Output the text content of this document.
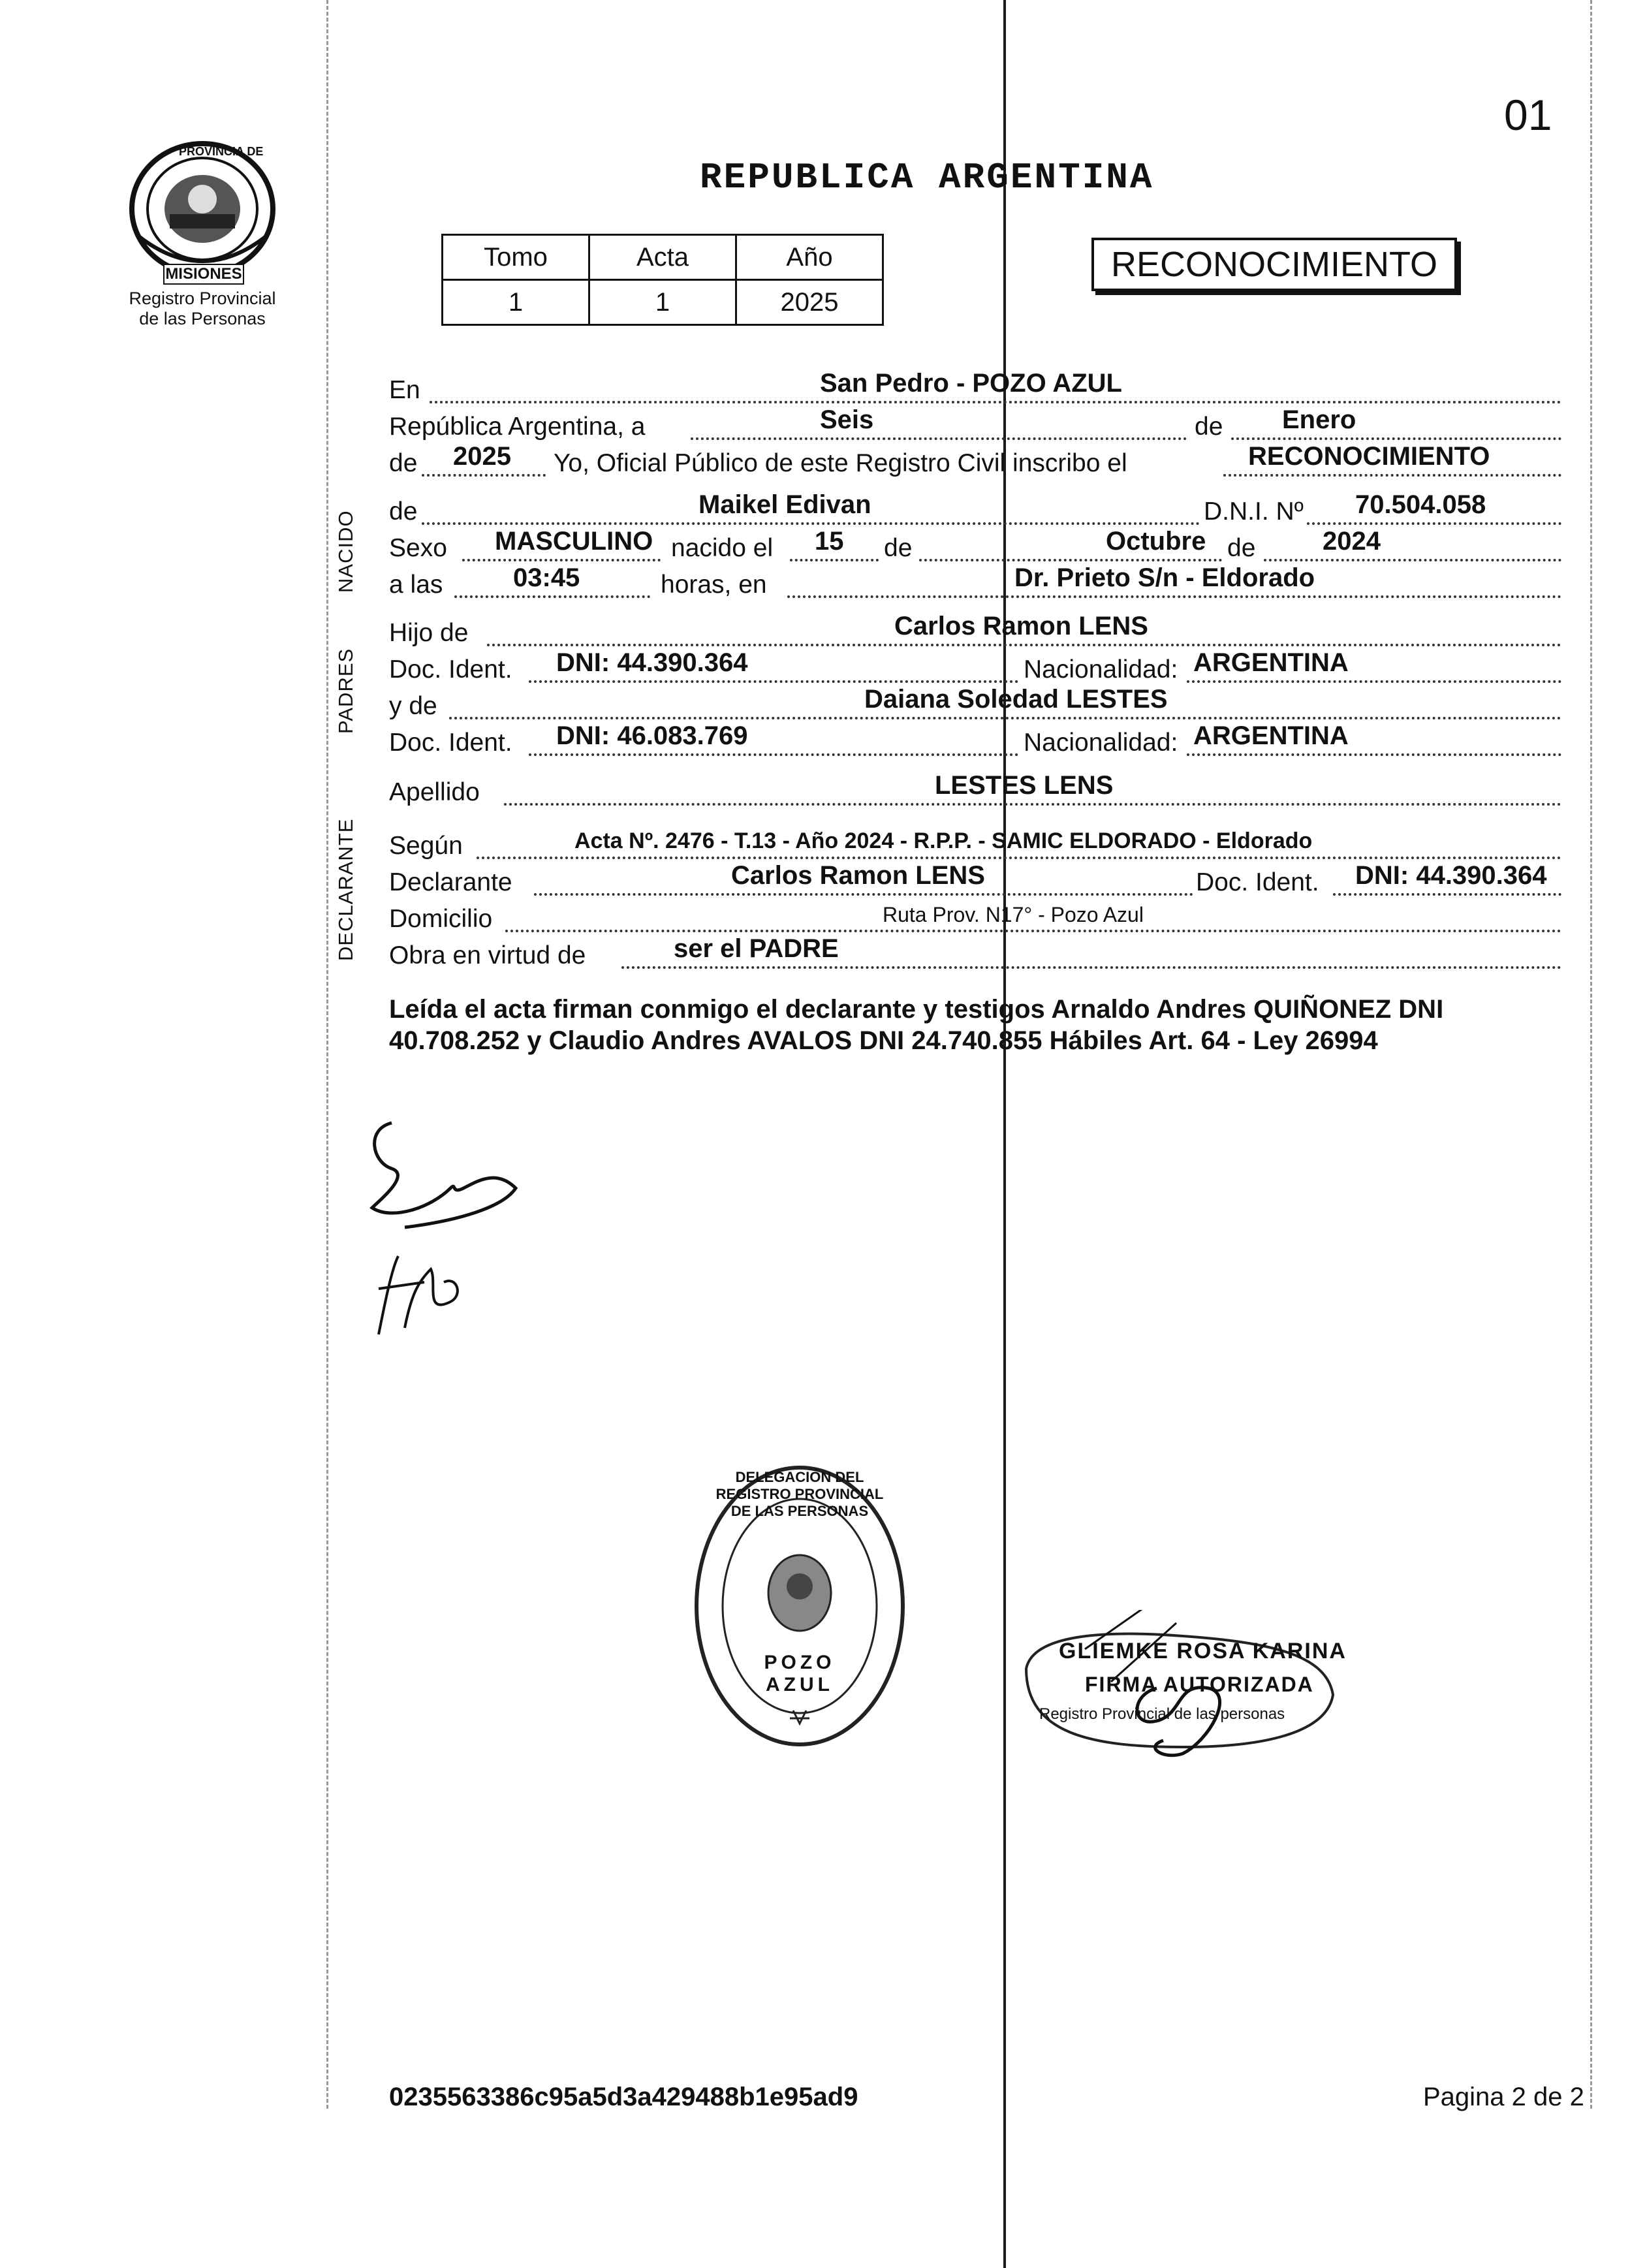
01
PROVINCIA DE
MISIONES
Registro Provincial
de las Personas
REPUBLICA ARGENTINA
Tomo	Acta	Año
1	1	2025
RECONOCIMIENTO
NACIDO
PADRES
DECLARANTE
En	San Pedro - POZO AZUL
República Argentina, a	Seis	de Enero
de 2025 Yo, Oficial Público de este Registro Civil inscribo el	RECONOCIMIENTO
de	Maikel Edivan	D.N.I. Nº 70.504.058
Sexo MASCULINO nacido el 15 de	Octubre de	2024
a las	03:45	horas, en	Dr. Prieto S/n - Eldorado
Hijo de	Carlos Ramon LENS
Doc. Ident. DNI: 44.390.364	Nacionalidad: ARGENTINA
y de	Daiana Soledad LESTES
Doc. Ident. DNI: 46.083.769	Nacionalidad: ARGENTINA
Apellido	LESTES LENS
Según	Acta Nº. 2476 - T.13 - Año 2024 - R.P.P. - SAMIC ELDORADO - Eldorado
Declarante	Carlos Ramon LENS	Doc. Ident. DNI: 44.390.364
Domicilio	Ruta Prov. N17° - Pozo Azul
Obra en virtud de	ser el PADRE
Leída el acta firman conmigo el declarante y testigos Arnaldo Andres QUIÑONEZ DNI 40.708.252 y Claudio Andres AVALOS DNI 24.740.855 Hábiles Art. 64 - Ley 26994
DELEGACIÓN DEL REGISTRO PROVINCIAL DE LAS PERSONAS
POZO AZUL
GLIEMKE ROSA KARINA
FIRMA AUTORIZADA
Registro Provincial de las personas
0235563386c95a5d3a429488b1e95ad9	Pagina 2 de 2
